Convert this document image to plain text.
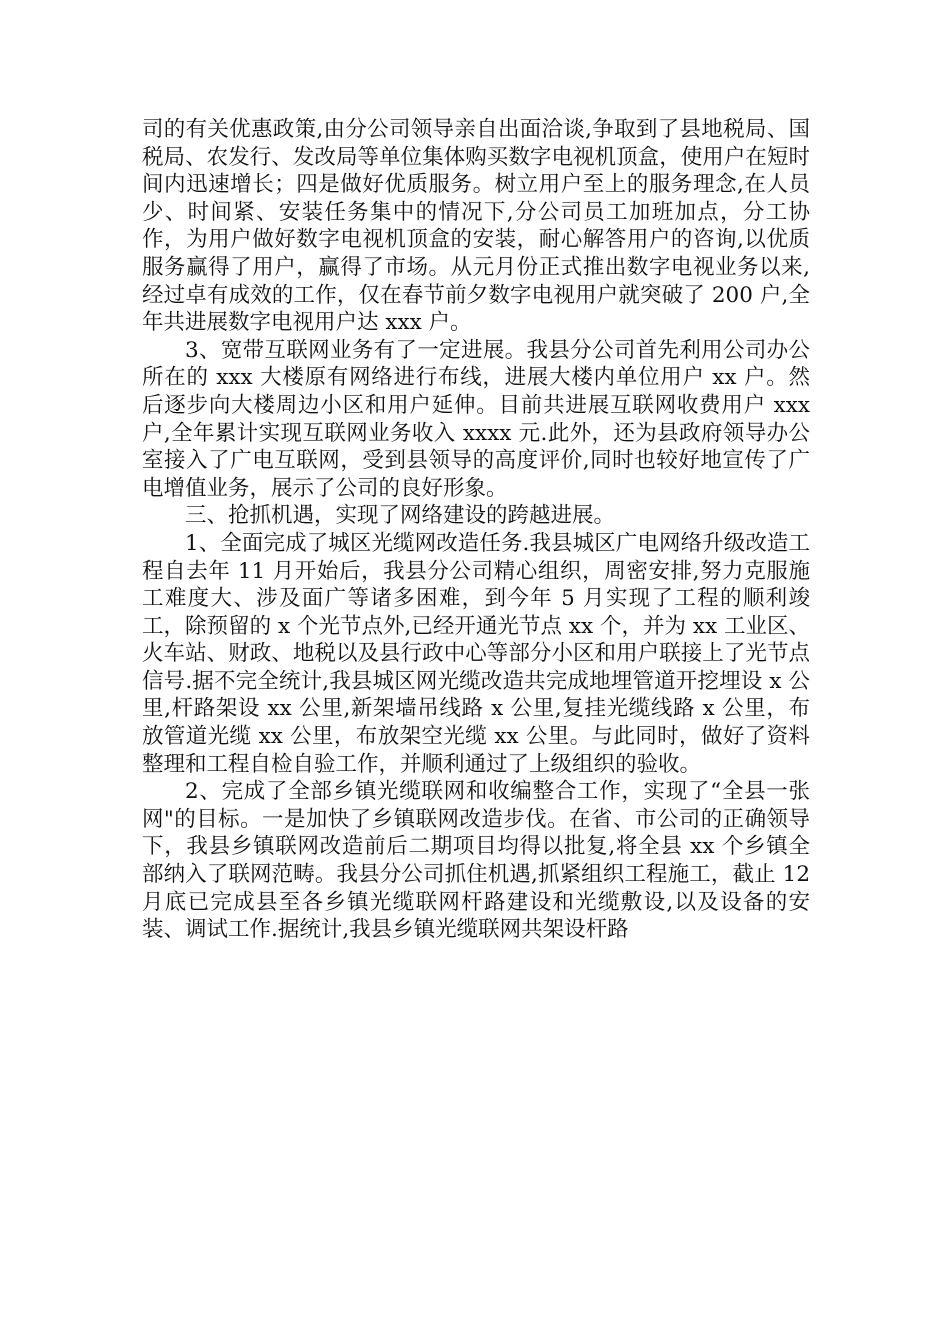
司的有关优惠政策,由分公司领导亲自出面洽谈,争取到了县地税局、国税局、农发行、发改局等单位集体购买数字电视机顶盒，使用户在短时间内迅速增长；四是做好优质服务。树立用户至上的服务理念,在人员少、时间紧、安装任务集中的情况下,分公司员工加班加点，分工协作，为用户做好数字电视机顶盒的安装，耐心解答用户的咨询,以优质服务赢得了用户，赢得了市场。从元月份正式推出数字电视业务以来,经过卓有成效的工作，仅在春节前夕数字电视用户就突破了 200 户,全年共进展数字电视用户达 xxx 户。

3、宽带互联网业务有了一定进展。我县分公司首先利用公司办公所在的 xxx 大楼原有网络进行布线，进展大楼内单位用户 xx 户。然后逐步向大楼周边小区和用户延伸。目前共进展互联网收费用户 xxx 户,全年累计实现互联网业务收入 xxxx 元.此外，还为县政府领导办公室接入了广电互联网，受到县领导的高度评价,同时也较好地宣传了广电增值业务，展示了公司的良好形象。

三、抢抓机遇，实现了网络建设的跨越进展。

1、全面完成了城区光缆网改造任务.我县城区广电网络升级改造工程自去年 11 月开始后，我县分公司精心组织，周密安排,努力克服施工难度大、涉及面广等诸多困难，到今年 5 月实现了工程的顺利竣工，除预留的 x 个光节点外,已经开通光节点 xx 个，并为 xx 工业区、火车站、财政、地税以及县行政中心等部分小区和用户联接上了光节点信号.据不完全统计,我县城区网光缆改造共完成地埋管道开挖埋设 x 公里,杆路架设 xx 公里,新架墙吊线路 x 公里,复挂光缆线路 x 公里，布放管道光缆 xx 公里，布放架空光缆 xx 公里。与此同时，做好了资料整理和工程自检自验工作，并顺利通过了上级组织的验收。

2、完成了全部乡镇光缆联网和收编整合工作，实现了“全县一张网"的目标。一是加快了乡镇联网改造步伐。在省、市公司的正确领导下，我县乡镇联网改造前后二期项目均得以批复,将全县 xx 个乡镇全部纳入了联网范畴。我县分公司抓住机遇,抓紧组织工程施工，截止 12 月底已完成县至各乡镇光缆联网杆路建设和光缆敷设,以及设备的安装、调试工作.据统计,我县乡镇光缆联网共架设杆路
